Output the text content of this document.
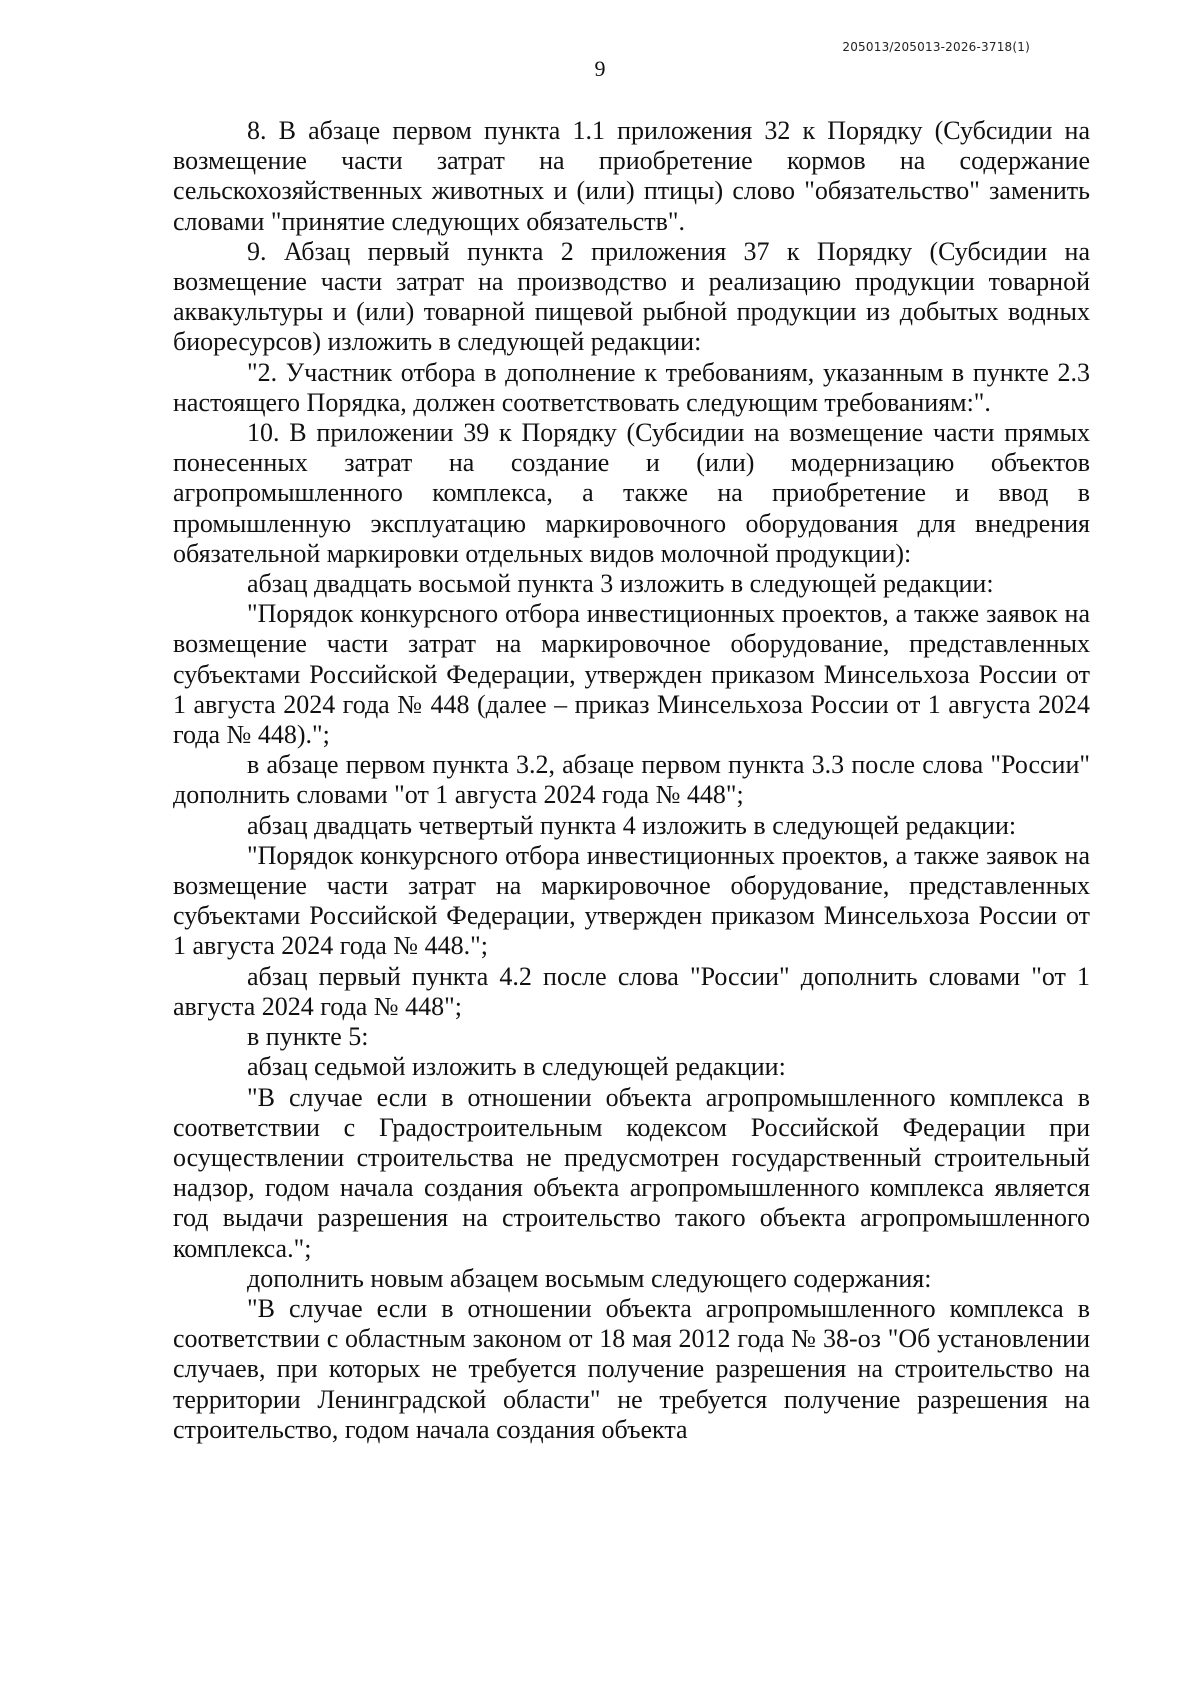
205013/205013-2026-3718(1)
9

8. В абзаце первом пункта 1.1 приложения 32 к Порядку (Субсидии на возмещение части затрат на приобретение кормов на содержание сельскохозяйственных животных и (или) птицы) слово "обязательство" заменить словами "принятие следующих обязательств".

9. Абзац первый пункта 2 приложения 37 к Порядку (Субсидии на возмещение части затрат на производство и реализацию продукции товарной аквакультуры и (или) товарной пищевой рыбной продукции из добытых водных биоресурсов) изложить в следующей редакции:

"2. Участник отбора в дополнение к требованиям, указанным в пункте 2.3 настоящего Порядка, должен соответствовать следующим требованиям:".

10. В приложении 39 к Порядку (Субсидии на возмещение части прямых понесенных затрат на создание и (или) модернизацию объектов агропромышленного комплекса, а также на приобретение и ввод в промышленную эксплуатацию маркировочного оборудования для внедрения обязательной маркировки отдельных видов молочной продукции):

абзац двадцать восьмой пункта 3 изложить в следующей редакции:

"Порядок конкурсного отбора инвестиционных проектов, а также заявок на возмещение части затрат на маркировочное оборудование, представленных субъектами Российской Федерации, утвержден приказом Минсельхоза России от 1 августа 2024 года № 448 (далее – приказ Минсельхоза России от 1 августа 2024 года № 448).";

в абзаце первом пункта 3.2, абзаце первом пункта 3.3 после слова "России" дополнить словами "от 1 августа 2024 года № 448";

абзац двадцать четвертый пункта 4 изложить в следующей редакции:

"Порядок конкурсного отбора инвестиционных проектов, а также заявок на возмещение части затрат на маркировочное оборудование, представленных субъектами Российской Федерации, утвержден приказом Минсельхоза России от 1 августа 2024 года № 448.";

абзац первый пункта 4.2 после слова "России" дополнить словами "от 1 августа 2024 года № 448";

в пункте 5:

абзац седьмой изложить в следующей редакции:

"В случае если в отношении объекта агропромышленного комплекса в соответствии с Градостроительным кодексом Российской Федерации при осуществлении строительства не предусмотрен государственный строительный надзор, годом начала создания объекта агропромышленного комплекса является год выдачи разрешения на строительство такого объекта агропромышленного комплекса.";

дополнить новым абзацем восьмым следующего содержания:

"В случае если в отношении объекта агропромышленного комплекса в соответствии с областным законом от 18 мая 2012 года № 38-оз "Об установлении случаев, при которых не требуется получение разрешения на строительство на территории Ленинградской области" не требуется получение разрешения на строительство, годом начала создания объекта
